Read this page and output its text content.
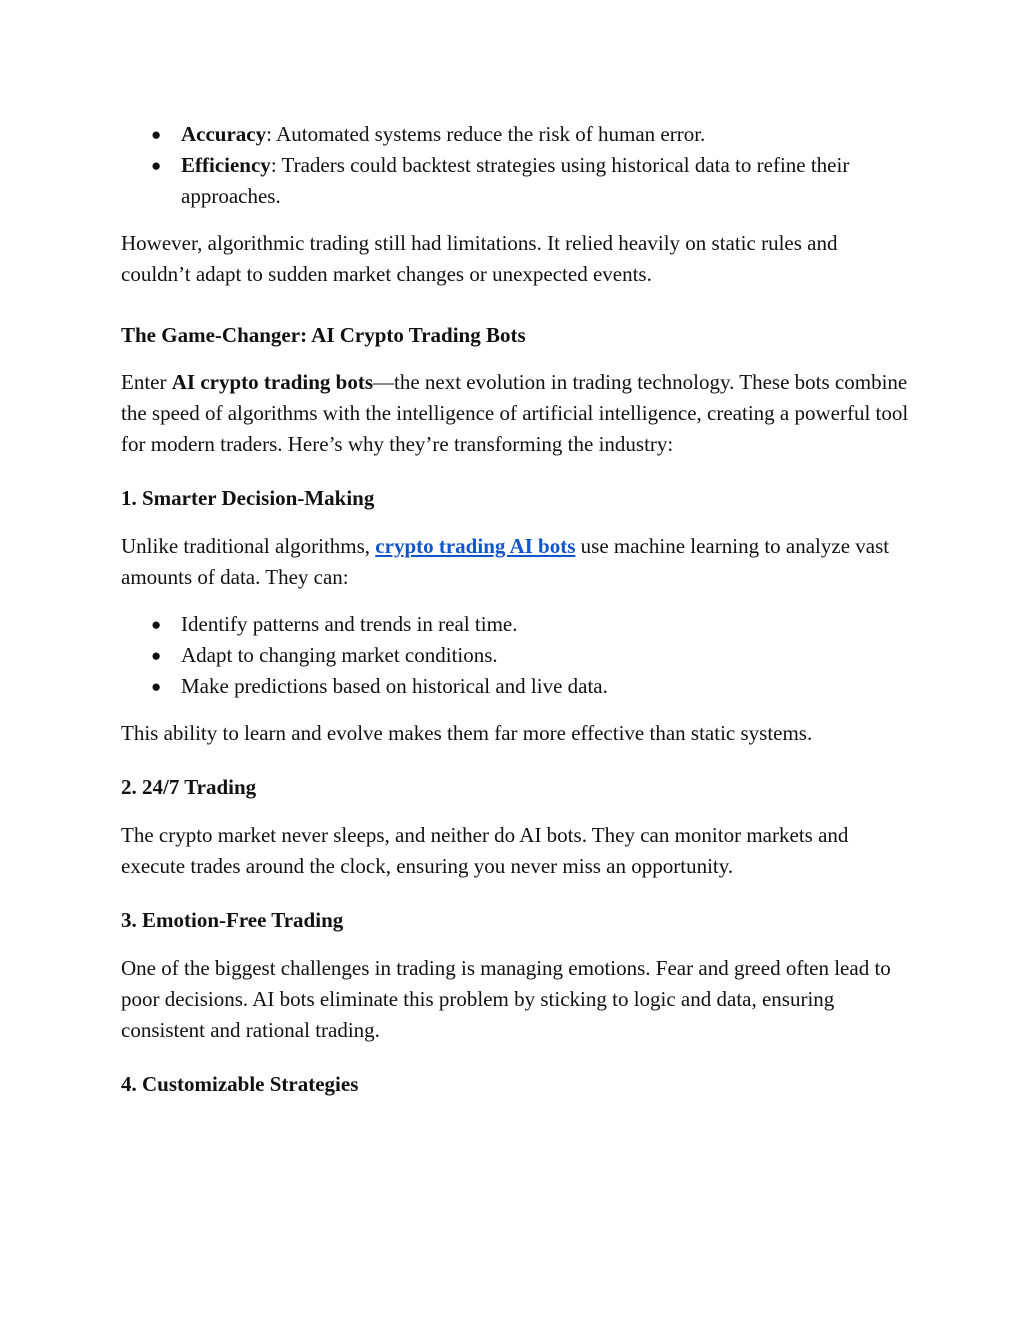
● Accuracy: Automated systems reduce the risk of human error.
● Efficiency: Traders could backtest strategies using historical data to refine their approaches.

However, algorithmic trading still had limitations. It relied heavily on static rules and couldn’t adapt to sudden market changes or unexpected events.

The Game-Changer: AI Crypto Trading Bots

Enter AI crypto trading bots—the next evolution in trading technology. These bots combine the speed of algorithms with the intelligence of artificial intelligence, creating a powerful tool for modern traders. Here’s why they’re transforming the industry:

1. Smarter Decision-Making

Unlike traditional algorithms, crypto trading AI bots use machine learning to analyze vast amounts of data. They can:

● Identify patterns and trends in real time.
● Adapt to changing market conditions.
● Make predictions based on historical and live data.

This ability to learn and evolve makes them far more effective than static systems.

2. 24/7 Trading

The crypto market never sleeps, and neither do AI bots. They can monitor markets and execute trades around the clock, ensuring you never miss an opportunity.

3. Emotion-Free Trading

One of the biggest challenges in trading is managing emotions. Fear and greed often lead to poor decisions. AI bots eliminate this problem by sticking to logic and data, ensuring consistent and rational trading.

4. Customizable Strategies
